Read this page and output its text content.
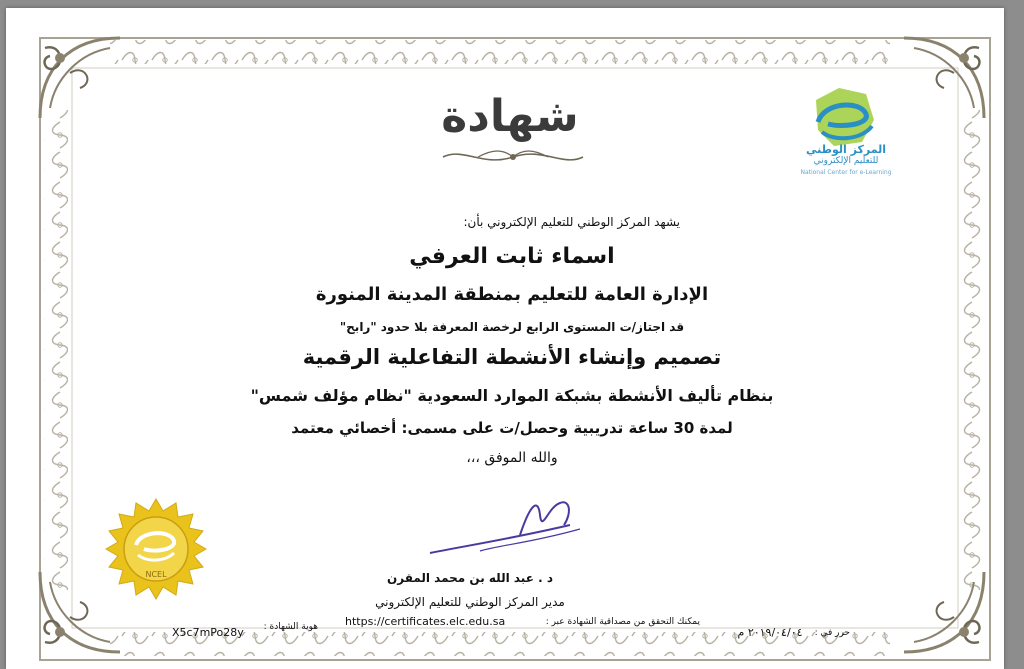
شهادة
المركز الوطني
للتعليم الإلكتروني
National Center for e-Learning
يشهد المركز الوطني للتعليم الإلكتروني بأن:
اسماء ثابت العرفي
الإدارة العامة للتعليم بمنطقة المدينة المنورة
قد اجتاز/ت المستوى الرابع لرخصة المعرفة بلا حدود "رابح"
تصميم وإنشاء الأنشطة التفاعلية الرقمية
بنظام تأليف الأنشطة بشبكة الموارد السعودية "نظام مؤلف شمس"
لمدة 30 ساعة تدريبية وحصل/ت على مسمى: أخصائي معتمد
والله الموفق ،،،
NCEL	د . عبد الله بن محمد المقرن
مدير المركز الوطني للتعليم الإلكتروني
هوية الشهادة :
X5c7mPo28y
يمكنك التحقق من مصداقية الشهادة عبر :
https://certificates.elc.edu.sa
حرر في :
٢٠١٩/٠٤/٠٤ م
